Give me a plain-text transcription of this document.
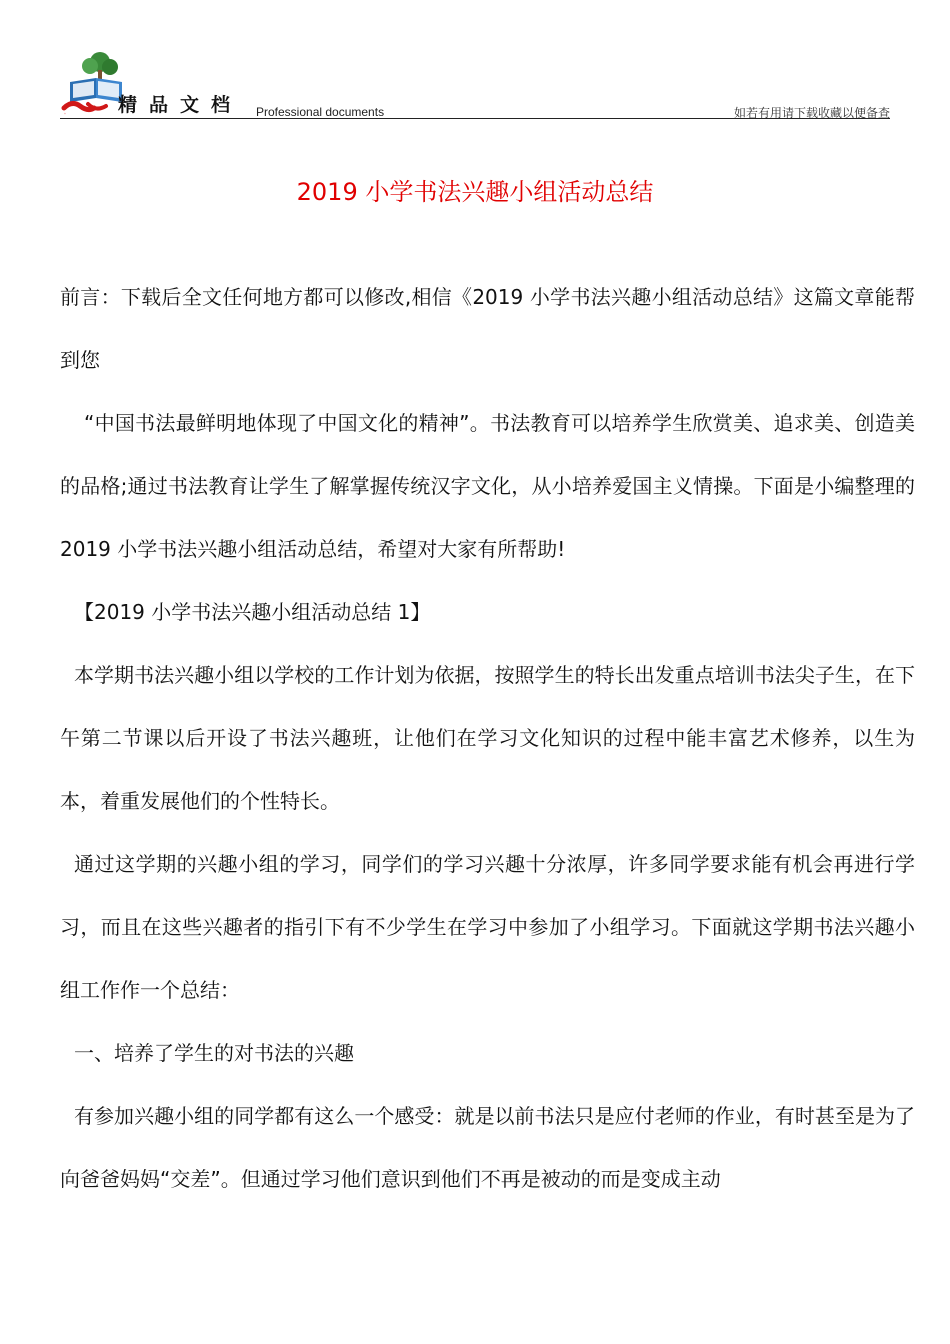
知识	精品文档 Professional documents	如若有用请下载收藏以便备查
2019 小学书法兴趣小组活动总结

前言：下载后全文任何地方都可以修改,相信《2019 小学书法兴趣小组活动总结》这篇文章能帮到您

“中国书法最鲜明地体现了中国文化的精神”。书法教育可以培养学生欣赏美、追求美、创造美的品格;通过书法教育让学生了解掌握传统汉字文化，从小培养爱国主义情操。下面是小编整理的 2019 小学书法兴趣小组活动总结，希望对大家有所帮助!

【2019 小学书法兴趣小组活动总结 1】

本学期书法兴趣小组以学校的工作计划为依据，按照学生的特长出发重点培训书法尖子生，在下午第二节课以后开设了书法兴趣班，让他们在学习文化知识的过程中能丰富艺术修养，以生为本，着重发展他们的个性特长。

通过这学期的兴趣小组的学习，同学们的学习兴趣十分浓厚，许多同学要求能有机会再进行学习，而且在这些兴趣者的指引下有不少学生在学习中参加了小组学习。下面就这学期书法兴趣小组工作作一个总结：

一、培养了学生的对书法的兴趣

有参加兴趣小组的同学都有这么一个感受：就是以前书法只是应付老师的作业，有时甚至是为了向爸爸妈妈“交差”。但通过学习他们意识到他们不再是被动的而是变成主动
